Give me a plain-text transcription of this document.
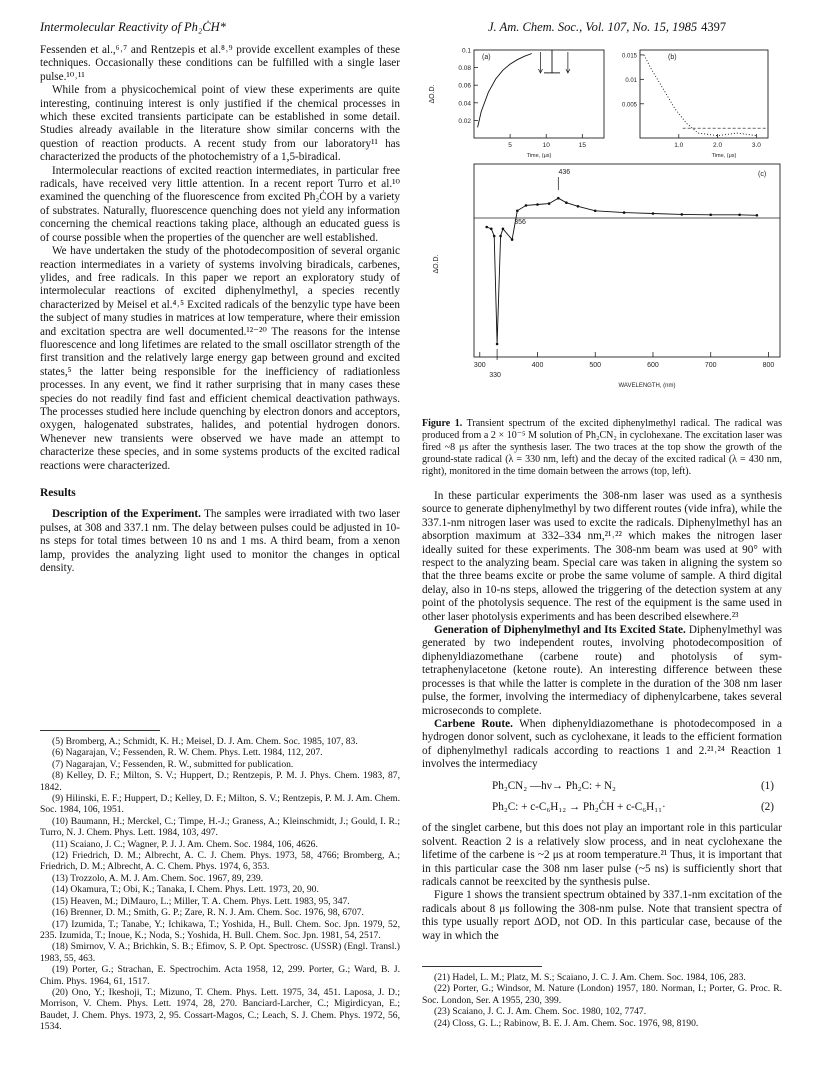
Intermolecular Reactivity of Ph₂ĊH*	J. Am. Chem. Soc., Vol. 107, No. 15, 1985 4397

Fessenden et al.,⁶˒⁷ and Rentzepis et al.⁸˒⁹ provide excellent examples of these techniques. Occasionally these conditions can be fulfilled with a single laser pulse.¹⁰˒¹¹

While from a physicochemical point of view these experiments are quite interesting, continuing interest is only justified if the chemical processes in which these excited transients participate can be established in some detail. Studies already available in the literature show similar concerns with the question of reaction products. A recent study from our laboratory¹¹ has characterized the products of the photochemistry of a 1,5-biradical.

Intermolecular reactions of excited reaction intermediates, in particular free radicals, have received very little attention. In a recent report Turro et al.¹⁰ examined the quenching of the fluorescence from excited Ph₂ĊOH by a variety of substrates. Naturally, fluorescence quenching does not yield any information concerning the chemical reactions taking place, although an educated guess is of course possible when the properties of the quencher are well established.

We have undertaken the study of the photodecomposition of several organic reaction intermediates in a variety of systems involving biradicals, carbenes, ylides, and free radicals. In this paper we report an exploratory study of intermolecular reactions of excited diphenylmethyl, a species recently characterized by Meisel et al.⁴˒⁵ Excited radicals of the benzylic type have been the subject of many studies in matrices at low temperature, where their emission and excitation spectra are well documented.¹²⁻²⁰ The reasons for the intense fluorescence and long lifetimes are related to the small oscillator strength of the first transition and the relatively large energy gap between ground and excited states,⁵ the latter being responsible for the inefficiency of radiationless processes. In any event, we find it rather surprising that in many cases these species do not readily find fast and efficient chemical deactivation pathways. The processes studied here include quenching by electron donors and acceptors, oxygen, halogenated substrates, halides, and potential hydrogen donors. Whenever new transients were observed we have made an attempt to characterize these species, and in some systems products of the excited radical reactions were characterized.

Results

Description of the Experiment. The samples were irradiated with two laser pulses, at 308 and 337.1 nm. The delay between pulses could be adjusted in 10-ns steps for total times between 10 ns and 1 ms. A third beam, from a xenon lamp, provides the analyzing light used to monitor the changes in optical density.

(5) Bromberg, A.; Schmidt, K. H.; Meisel, D. J. Am. Chem. Soc. 1985, 107, 83.
(6) Nagarajan, V.; Fessenden, R. W. Chem. Phys. Lett. 1984, 112, 207.
(7) Nagarajan, V.; Fessenden, R. W., submitted for publication.
(8) Kelley, D. F.; Milton, S. V.; Huppert, D.; Rentzepis, P. M. J. Phys. Chem. 1983, 87, 1842.
(9) Hilinski, E. F.; Huppert, D.; Kelley, D. F.; Milton, S. V.; Rentzepis, P. M. J. Am. Chem. Soc. 1984, 106, 1951.
(10) Baumann, H.; Merckel, C.; Timpe, H.-J.; Graness, A.; Kleinschmidt, J.; Gould, I. R.; Turro, N. J. Chem. Phys. Lett. 1984, 103, 497.
(11) Scaiano, J. C.; Wagner, P. J. J. Am. Chem. Soc. 1984, 106, 4626.
(12) Friedrich, D. M.; Albrecht, A. C. J. Chem. Phys. 1973, 58, 4766; Bromberg, A.; Friedrich, D. M.; Albrecht, A. C. Chem. Phys. 1974, 6, 353.
(13) Trozzolo, A. M. J. Am. Chem. Soc. 1967, 89, 239.
(14) Okamura, T.; Obi, K.; Tanaka, I. Chem. Phys. Lett. 1973, 20, 90.
(15) Heaven, M.; DiMauro, L.; Miller, T. A. Chem. Phys. Lett. 1983, 95, 347.
(16) Brenner, D. M.; Smith, G. P.; Zare, R. N. J. Am. Chem. Soc. 1976, 98, 6707.
(17) Izumida, T.; Tanabe, Y.; Ichikawa, T.; Yoshida, H., Bull. Chem. Soc. Jpn. 1979, 52, 235. Izumida, T.; Inoue, K.; Noda, S.; Yoshida, H. Bull. Chem. Soc. Jpn. 1981, 54, 2517.
(18) Smirnov, V. A.; Brichkin, S. B.; Efimov, S. P. Opt. Spectrosc. (USSR) (Engl. Transl.) 1983, 55, 463.
(19) Porter, G.; Strachan, E. Spectrochim. Acta 1958, 12, 299. Porter, G.; Ward, B. J. Chim. Phys. 1964, 61, 1517.
(20) Ono, Y.; Ikeshoji, T.; Mizuno, T. Chem. Phys. Lett. 1975, 34, 451. Laposa, J. D.; Morrison, V. Chem. Phys. Lett. 1974, 28, 270. Banciard-Larcher, C.; Migirdicyan, E.; Baudet, J. Chem. Phys. 1973, 2, 95. Cossart-Magos, C.; Leach, S. J. Chem. Phys. 1972, 56, 1534.
(a)
0.1
0.08
0.06
0.04
0.02
5	10	15
Time, (μs)
ΔO.D.
(b)
0.015
0.01
0.005
1.0	2.0	3.0
Time, (μs)
(c)
ΔO.D.
300	400	500	600	700	800
330
WAVELENGTH, (nm)
436
356
Figure 1. Transient spectrum of the excited diphenylmethyl radical. The radical was produced from a 2 × 10⁻⁵ M solution of Ph₂CN₂ in cyclohexane. The excitation laser was fired ~8 μs after the synthesis laser. The two traces at the top show the growth of the ground-state radical (λ = 330 nm, left) and the decay of the excited radical (λ = 430 nm, right), monitored in the time domain between the arrows (top, left).

In these particular experiments the 308-nm laser was used as a synthesis source to generate diphenylmethyl by two different routes (vide infra), while the 337.1-nm nitrogen laser was used to excite the radicals. Diphenylmethyl has an absorption maximum at 332–334 nm,²¹˒²² which makes the nitrogen laser ideally suited for these experiments. The 308-nm beam was used at 90° with respect to the analyzing beam. Special care was taken in aligning the system so that the three beams excite or probe the same volume of sample. A third digital delay, also in 10-ns steps, allowed the triggering of the detection system at any point of the photolysis sequence. The rest of the equipment is the same used in other laser photolysis experiments and has been described elsewhere.²³

Generation of Diphenylmethyl and Its Excited State. Diphenylmethyl was generated by two independent routes, involving photodecomposition of diphenyldiazomethane (carbene route) and photolysis of sym-tetraphenylacetone (ketone route). An interesting difference between these processes is that while the latter is complete in the duration of the 308 nm laser pulse, the former, involving the intermediacy of diphenylcarbene, takes several microseconds to complete.

Carbene Route. When diphenyldiazomethane is photodecomposed in a hydrogen donor solvent, such as cyclohexane, it leads to the efficient formation of diphenylmethyl radicals according to reactions 1 and 2.²¹˒²⁴ Reaction 1 involves the intermediacy

Ph₂CN₂ —hν→ Ph₂C: + N₂	(1)
Ph₂C: + c-C₆H₁₂ → Ph₂ĊH + c-C₆H₁₁·	(2)

of the singlet carbene, but this does not play an important role in this particular solvent. Reaction 2 is a relatively slow process, and in neat cyclohexane the lifetime of the carbene is ~2 μs at room temperature.²¹ Thus, it is important that in this particular case the 308 nm laser pulse (~5 ns) is sufficiently short that radicals cannot be reexcited by the synthesis pulse.

Figure 1 shows the transient spectrum obtained by 337.1-nm excitation of the radicals about 8 μs following the 308-nm pulse. Note that transient spectra of this type usually report ΔOD, not OD. In this particular case, because of the way in which the

(21) Hadel, L. M.; Platz, M. S.; Scaiano, J. C. J. Am. Chem. Soc. 1984, 106, 283.
(22) Porter, G.; Windsor, M. Nature (London) 1957, 180. Norman, I.; Porter, G. Proc. R. Soc. London, Ser. A 1955, 230, 399.
(23) Scaiano, J. C. J. Am. Chem. Soc. 1980, 102, 7747.
(24) Closs, G. L.; Rabinow, B. E. J. Am. Chem. Soc. 1976, 98, 8190.
